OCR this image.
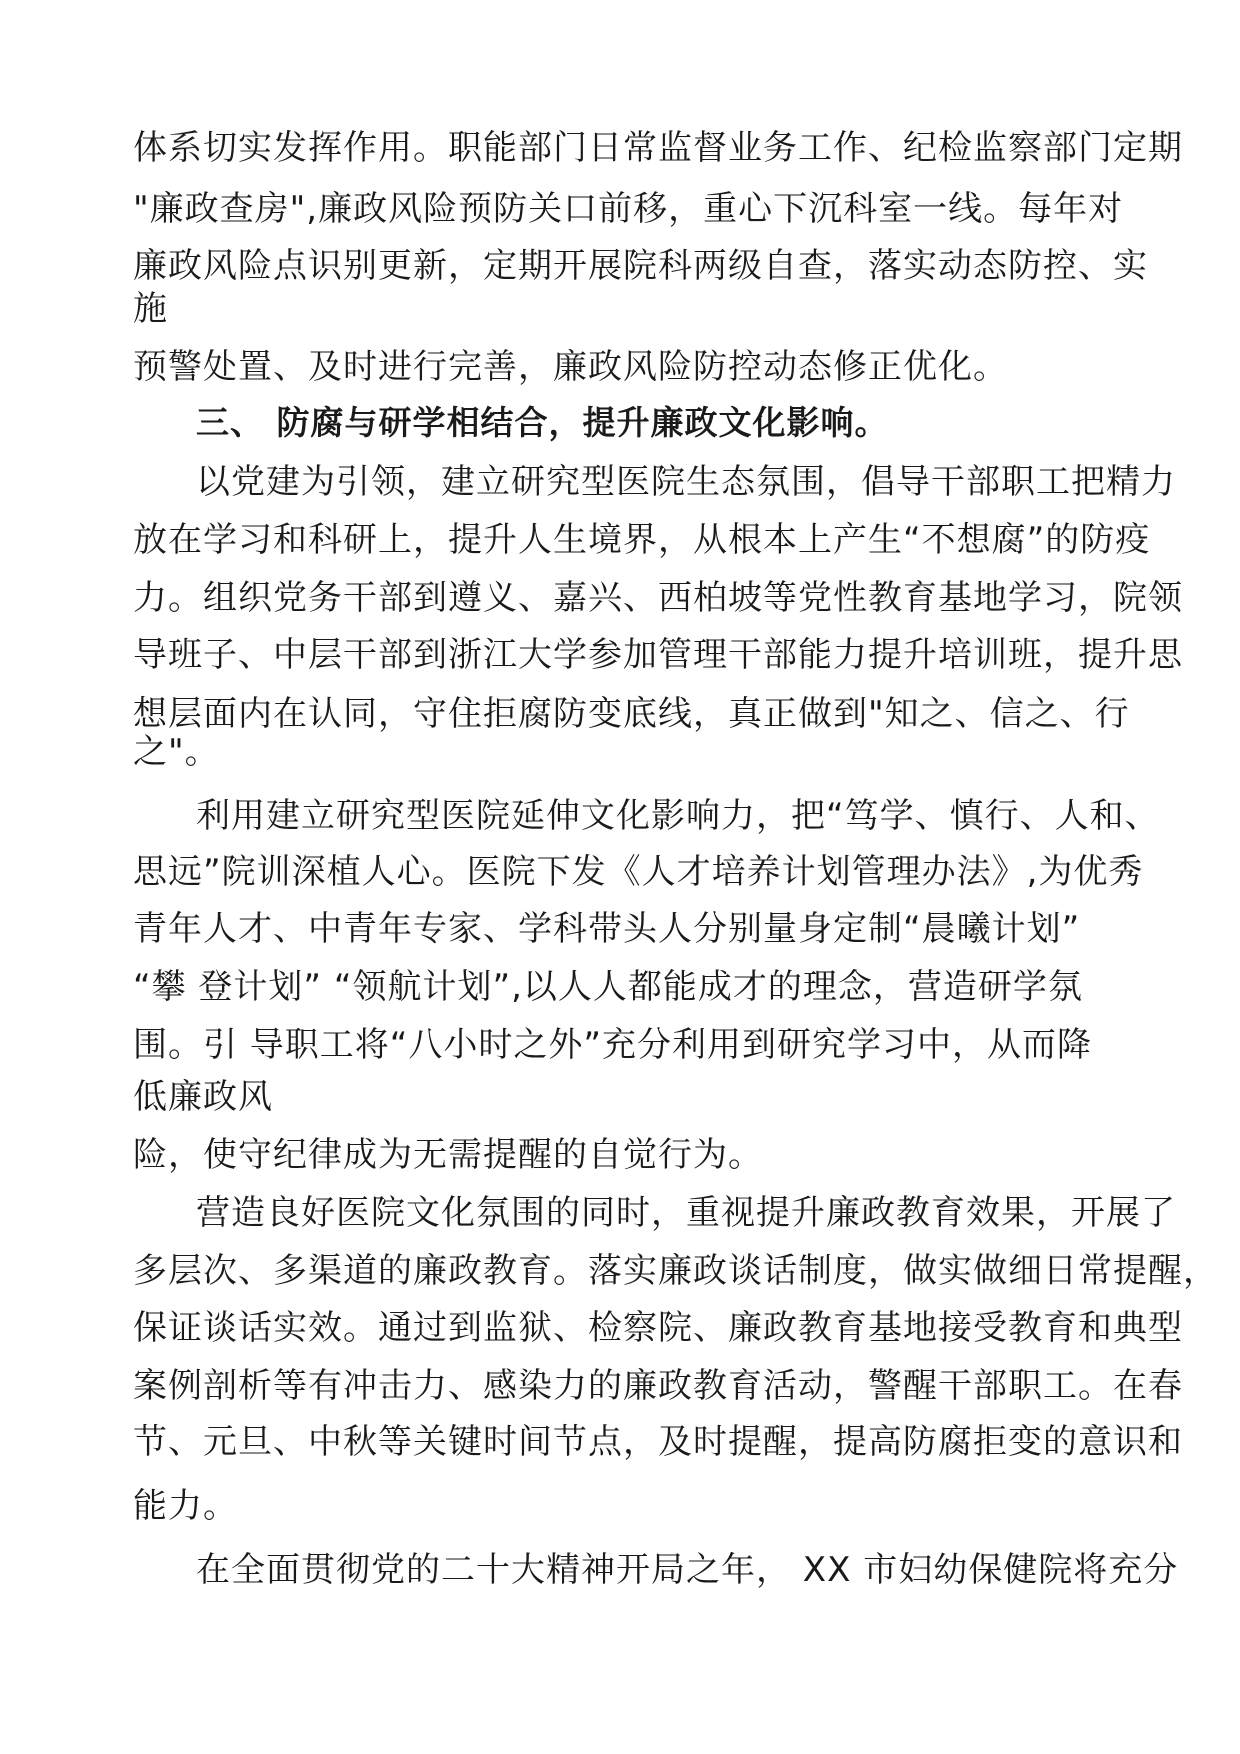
体系切实发挥作用。职能部门日常监督业务工作、纪检监察部门定期
"廉政查房",廉政风险预防关口前移，重心下沉科室一线。每年对
廉政风险点识别更新，定期开展院科两级自查，落实动态防控、实
施
预警处置、及时进行完善，廉政风险防控动态修正优化。
三、 防腐与研学相结合，提升廉政文化影响。
以党建为引领，建立研究型医院生态氛围，倡导干部职工把精力
放在学习和科研上，提升人生境界，从根本上产生“不想腐”的防疫
力。组织党务干部到遵义、嘉兴、西柏坡等党性教育基地学习，院领
导班子、中层干部到浙江大学参加管理干部能力提升培训班，提升思
想层面内在认同，守住拒腐防变底线，真正做到"知之、信之、行
之"。
利用建立研究型医院延伸文化影响力，把“笃学、慎行、人和、
思远”院训深植人心。医院下发《人才培养计划管理办法》,为优秀
青年人才、中青年专家、学科带头人分别量身定制“晨曦计划”
“攀 登计划” “领航计划”,以人人都能成才的理念，营造研学氛
围。引 导职工将“八小时之外”充分利用到研究学习中，从而降
低廉政风
险，使守纪律成为无需提醒的自觉行为。
营造良好医院文化氛围的同时，重视提升廉政教育效果，开展了
多层次、多渠道的廉政教育。落实廉政谈话制度，做实做细日常提醒，
保证谈话实效。通过到监狱、检察院、廉政教育基地接受教育和典型
案例剖析等有冲击力、感染力的廉政教育活动，警醒干部职工。在春
节、元旦、中秋等关键时间节点，及时提醒，提高防腐拒变的意识和
能力。
在全面贯彻党的二十大精神开局之年， XX 市妇幼保健院将充分
